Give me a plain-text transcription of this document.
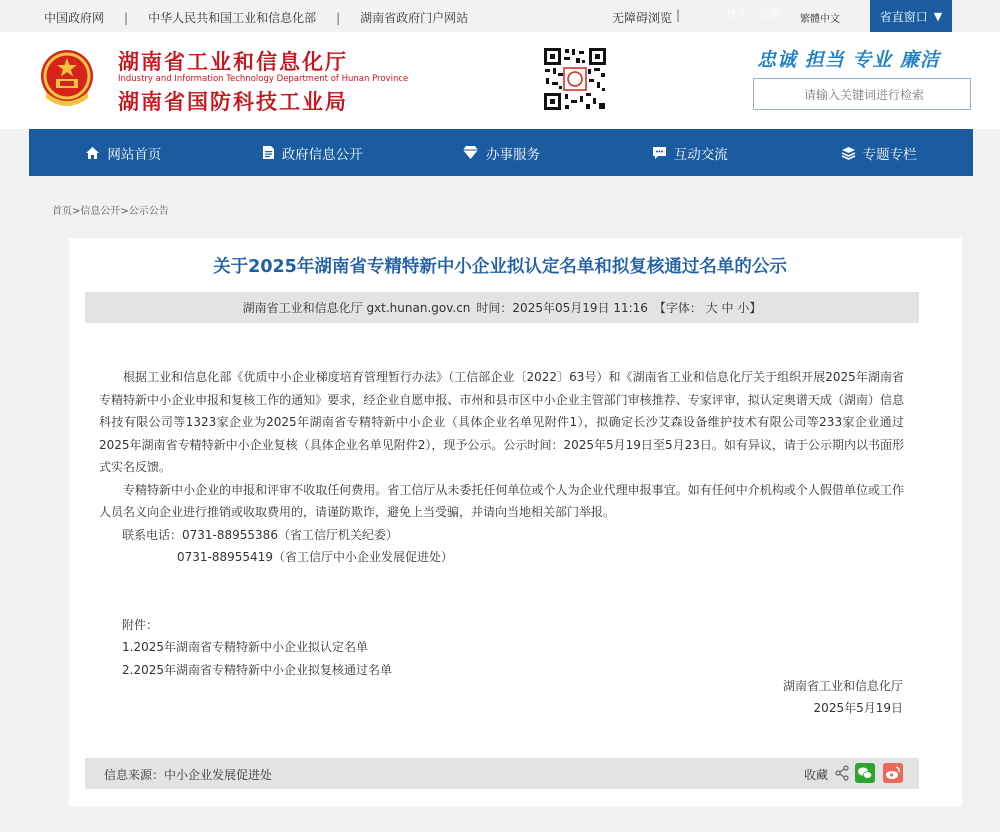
中国政府网 | 中华人民共和国工业和信息化部 | 湖南省政府门户网站	无障碍浏览 |	登录 注册 繁體中文	省直窗口 ▼
湖南省工业和信息化厅
Industry and Information Technology Department of Hunan Province
湖南省国防科技工业局
忠诚 担当 专业 廉洁
请输入关键词进行检索
网站首页	政府信息公开	办事服务	互动交流	专题专栏
首页>信息公开>公示公告
关于2025年湖南省专精特新中小企业拟认定名单和拟复核通过名单的公示
湖南省工业和信息化厅 gxt.hunan.gov.cn 时间：2025年05月19日 11:16 【字体： 大 中 小】

根据工业和信息化部《优质中小企业梯度培育管理暂行办法》（工信部企业〔2022〕63号）和《湖南省工业和信息化厅关于组织开展2025年湖南省专精特新中小企业申报和复核工作的通知》要求，经企业自愿申报、市州和县市区中小企业主管部门审核推荐、专家评审，拟认定奥谱天成（湖南）信息科技有限公司等1323家企业为2025年湖南省专精特新中小企业（具体企业名单见附件1），拟确定长沙艾森设备维护技术有限公司等233家企业通过2025年湖南省专精特新中小企业复核（具体企业名单见附件2），现予公示。公示时间：2025年5月19日至5月23日。如有异议，请于公示期内以书面形式实名反馈。

专精特新中小企业的申报和评审不收取任何费用。省工信厅从未委托任何单位或个人为企业代理申报事宜。如有任何中介机构或个人假借单位或工作人员名义向企业进行推销或收取费用的，请谨防欺诈，避免上当受骗，并请向当地相关部门举报。

联系电话：0731-88955386（省工信厅机关纪委）
0731-88955419（省工信厅中小企业发展促进处）
附件：
1.2025年湖南省专精特新中小企业拟认定名单
2.2025年湖南省专精特新中小企业拟复核通过名单
湖南省工业和信息化厅
2025年5月19日
信息来源：中小企业发展促进处	收藏
